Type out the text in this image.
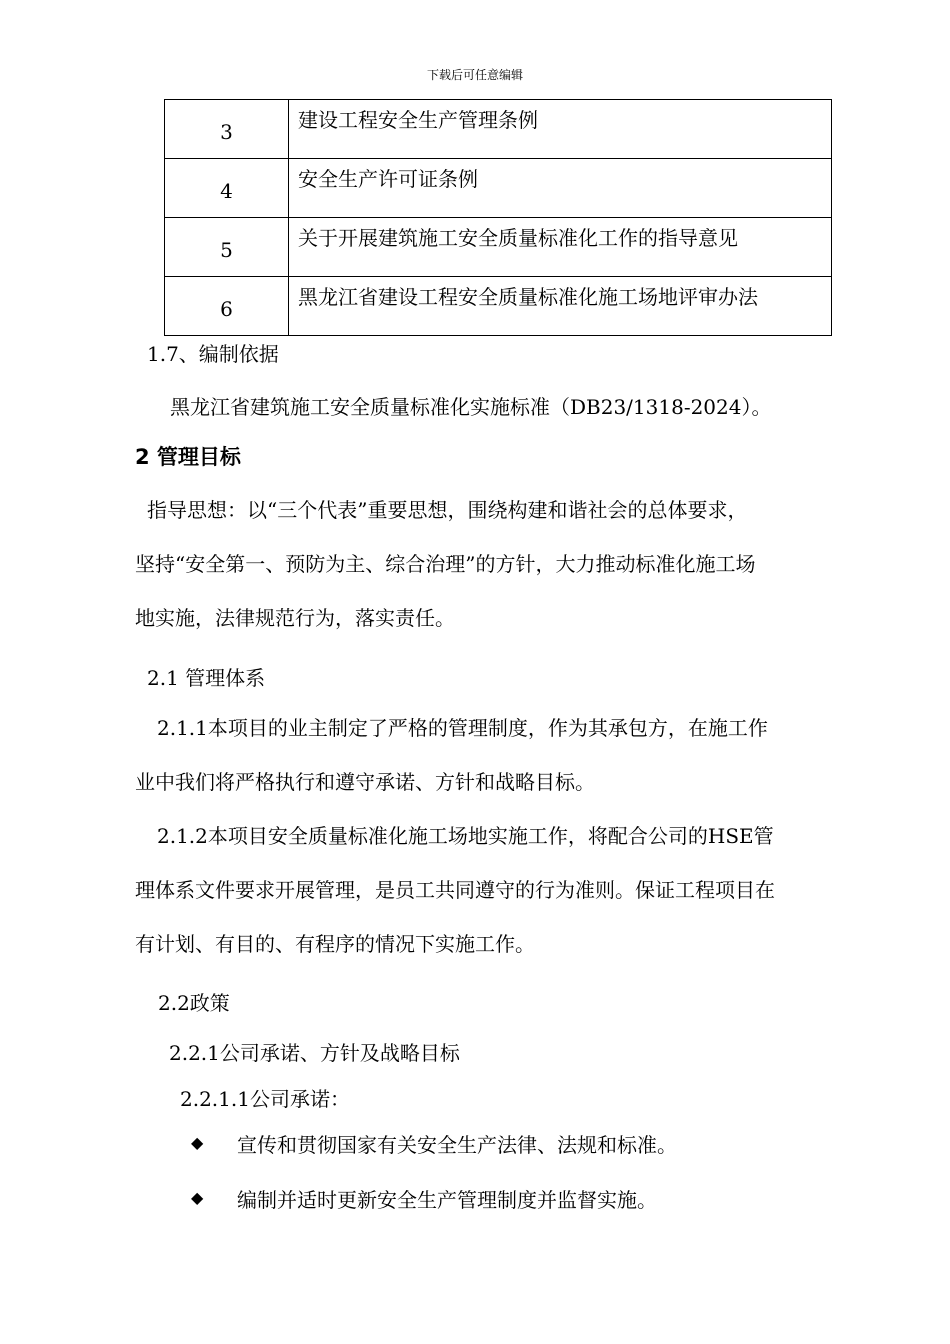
下载后可任意编辑
3	建设工程安全生产管理条例
4	安全生产许可证条例
5	关于开展建筑施工安全质量标准化工作的指导意见
6	黑龙江省建设工程安全质量标准化施工场地评审办法
1.7、编制依据
黑龙江省建筑施工安全质量标准化实施标准（DB23/1318-2024）。
2 管理目标
指导思想：以“三个代表”重要思想，围绕构建和谐社会的总体要求，
坚持“安全第一、预防为主、综合治理”的方针，大力推动标准化施工场
地实施，法律规范行为，落实责任。
2.1 管理体系
2.1.1本项目的业主制定了严格的管理制度，作为其承包方，在施工作
业中我们将严格执行和遵守承诺、方针和战略目标。
2.1.2本项目安全质量标准化施工场地实施工作，将配合公司的HSE管
理体系文件要求开展管理，是员工共同遵守的行为准则。保证工程项目在
有计划、有目的、有程序的情况下实施工作。
2.2政策
2.2.1公司承诺、方针及战略目标
2.2.1.1公司承诺：
◆ 宣传和贯彻国家有关安全生产法律、法规和标准。
◆ 编制并适时更新安全生产管理制度并监督实施。
